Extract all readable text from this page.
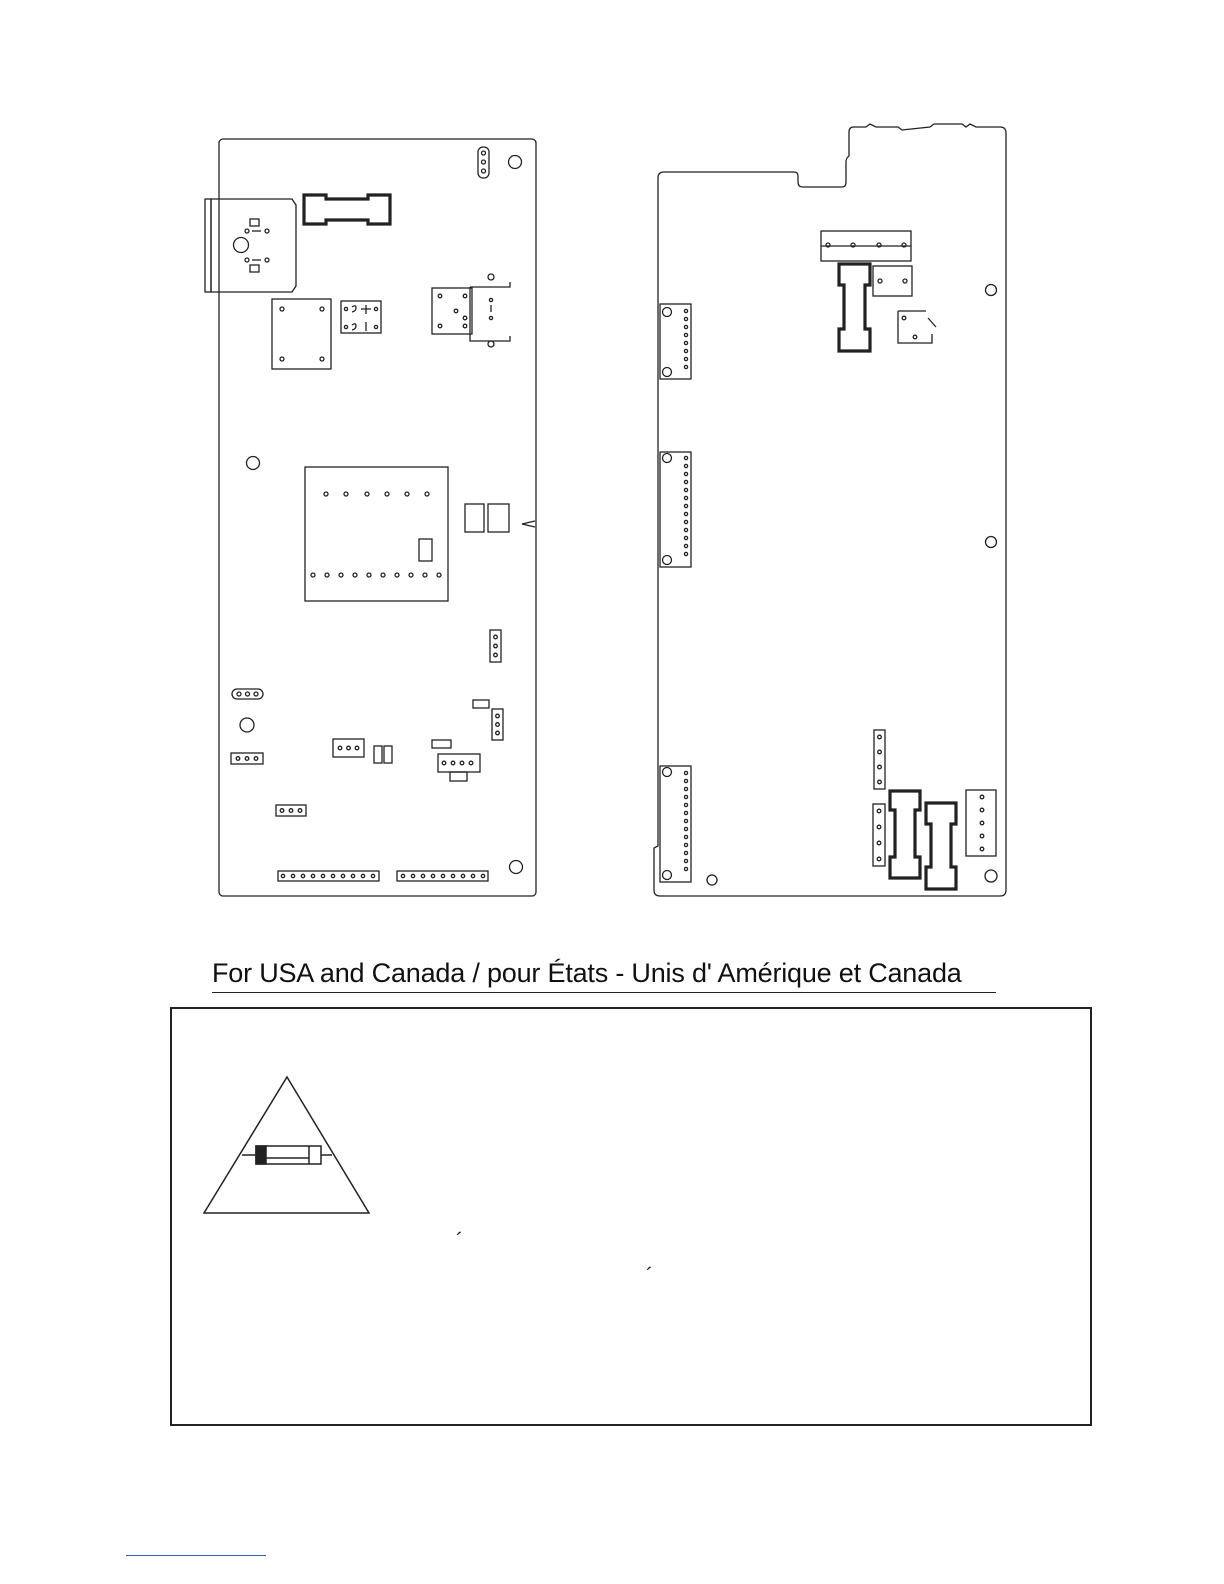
For USA and Canada / pour États - Unis d' Amérique et Canada
´
´
